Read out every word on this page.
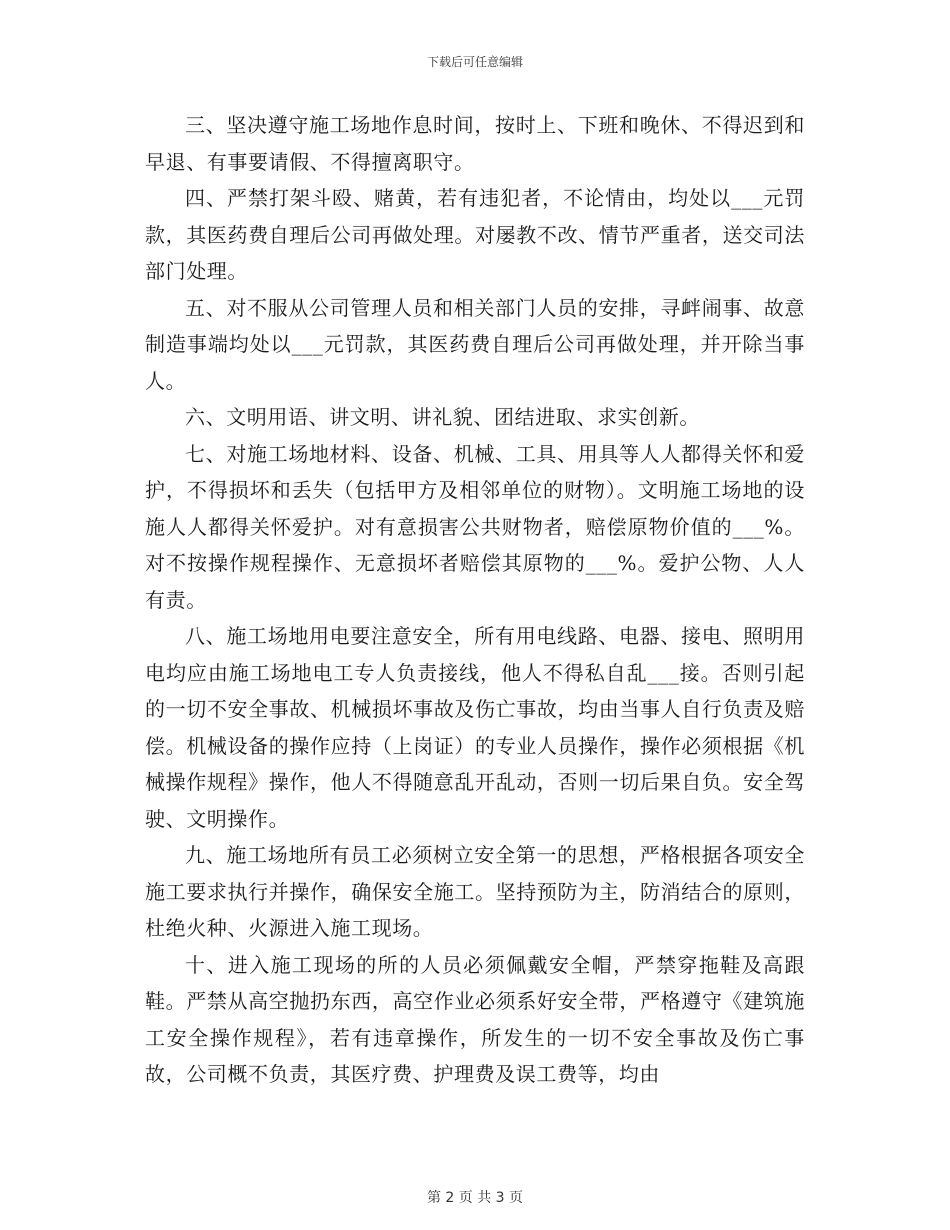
下载后可任意编辑

三、坚决遵守施工场地作息时间，按时上、下班和晚休、不得迟到和早退、有事要请假、不得擅离职守。

四、严禁打架斗殴、赌黄，若有违犯者，不论情由，均处以___元罚款，其医药费自理后公司再做处理。对屡教不改、情节严重者，送交司法部门处理。

五、对不服从公司管理人员和相关部门人员的安排，寻衅闹事、故意制造事端均处以___元罚款，其医药费自理后公司再做处理，并开除当事人。

六、文明用语、讲文明、讲礼貌、团结进取、求实创新。

七、对施工场地材料、设备、机械、工具、用具等人人都得关怀和爱护，不得损坏和丢失（包括甲方及相邻单位的财物）。文明施工场地的设施人人都得关怀爱护。对有意损害公共财物者，赔偿原物价值的___%。对不按操作规程操作、无意损坏者赔偿其原物的___%。爱护公物、人人有责。

八、施工场地用电要注意安全，所有用电线路、电器、接电、照明用电均应由施工场地电工专人负责接线，他人不得私自乱___接。否则引起的一切不安全事故、机械损坏事故及伤亡事故，均由当事人自行负责及赔偿。机械设备的操作应持（上岗证）的专业人员操作，操作必须根据《机械操作规程》操作，他人不得随意乱开乱动，否则一切后果自负。安全驾驶、文明操作。

九、施工场地所有员工必须树立安全第一的思想，严格根据各项安全施工要求执行并操作，确保安全施工。坚持预防为主，防消结合的原则，杜绝火种、火源进入施工现场。

十、进入施工现场的所的人员必须佩戴安全帽，严禁穿拖鞋及高跟鞋。严禁从高空抛扔东西，高空作业必须系好安全带，严格遵守《建筑施工安全操作规程》，若有违章操作，所发生的一切不安全事故及伤亡事故，公司概不负责，其医疗费、护理费及误工费等，均由

第 2 页 共 3 页
